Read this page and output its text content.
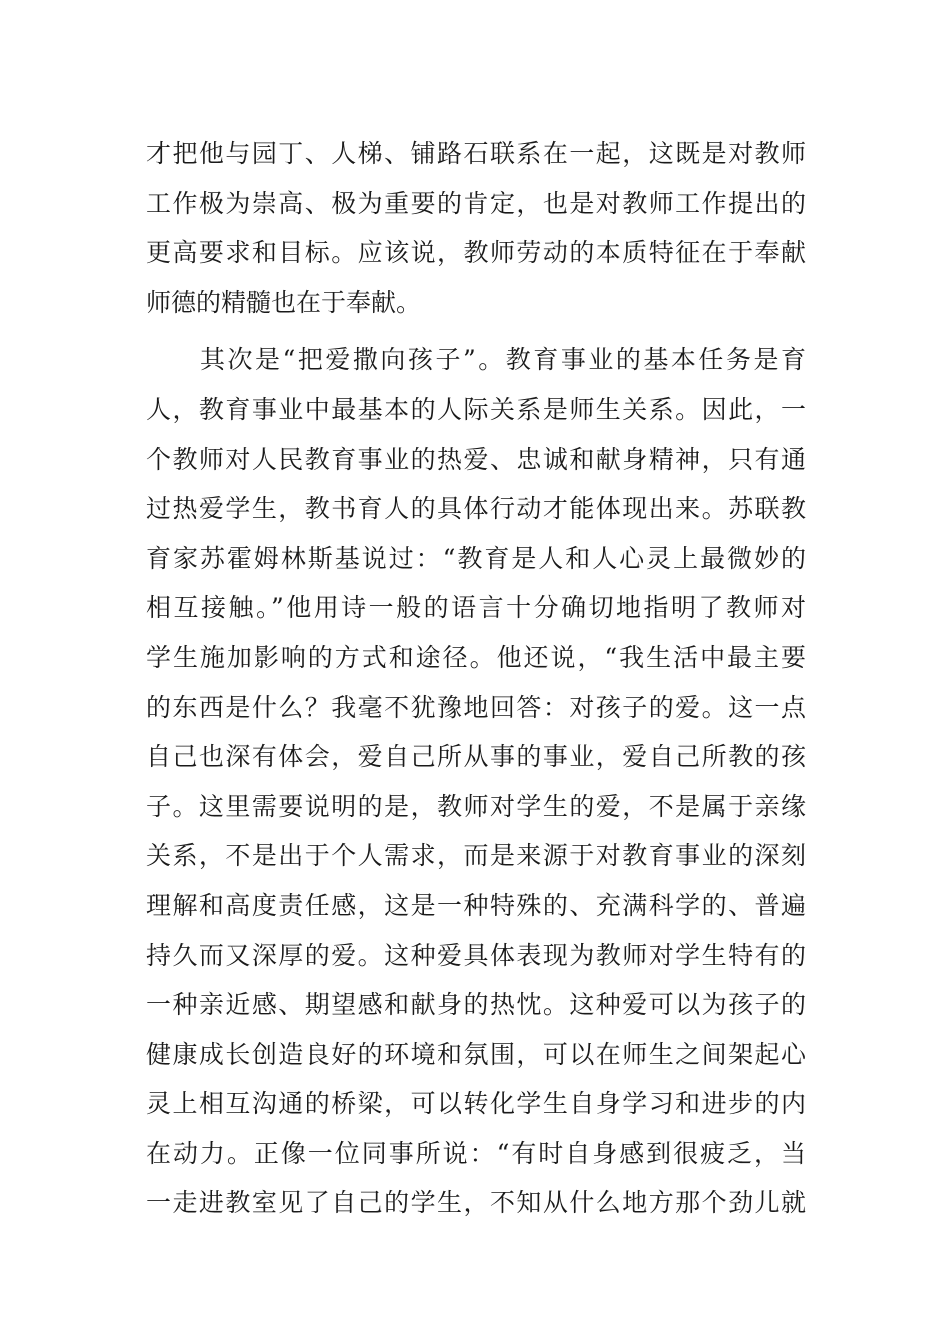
才把他与园丁、人梯、铺路石联系在一起，这既是对教师
工作极为崇高、极为重要的肯定，也是对教师工作提出的
更高要求和目标。应该说，教师劳动的本质特征在于奉献
师德的精髓也在于奉献。
其次是“把爱撒向孩子”。教育事业的基本任务是育
人，教育事业中最基本的人际关系是师生关系。因此，一
个教师对人民教育事业的热爱、忠诚和献身精神，只有通
过热爱学生，教书育人的具体行动才能体现出来。苏联教
育家苏霍姆林斯基说过：“教育是人和人心灵上最微妙的
相互接触。”他用诗一般的语言十分确切地指明了教师对
学生施加影响的方式和途径。他还说，“我生活中最主要
的东西是什么？我毫不犹豫地回答：对孩子的爱。这一点
自己也深有体会，爱自己所从事的事业，爱自己所教的孩
子。这里需要说明的是，教师对学生的爱，不是属于亲缘
关系，不是出于个人需求，而是来源于对教育事业的深刻
理解和高度责任感，这是一种特殊的、充满科学的、普遍
持久而又深厚的爱。这种爱具体表现为教师对学生特有的
一种亲近感、期望感和献身的热忱。这种爱可以为孩子的
健康成长创造良好的环境和氛围，可以在师生之间架起心
灵上相互沟通的桥梁，可以转化学生自身学习和进步的内
在动力。正像一位同事所说：“有时自身感到很疲乏，当
一走进教室见了自己的学生，不知从什么地方那个劲儿就
